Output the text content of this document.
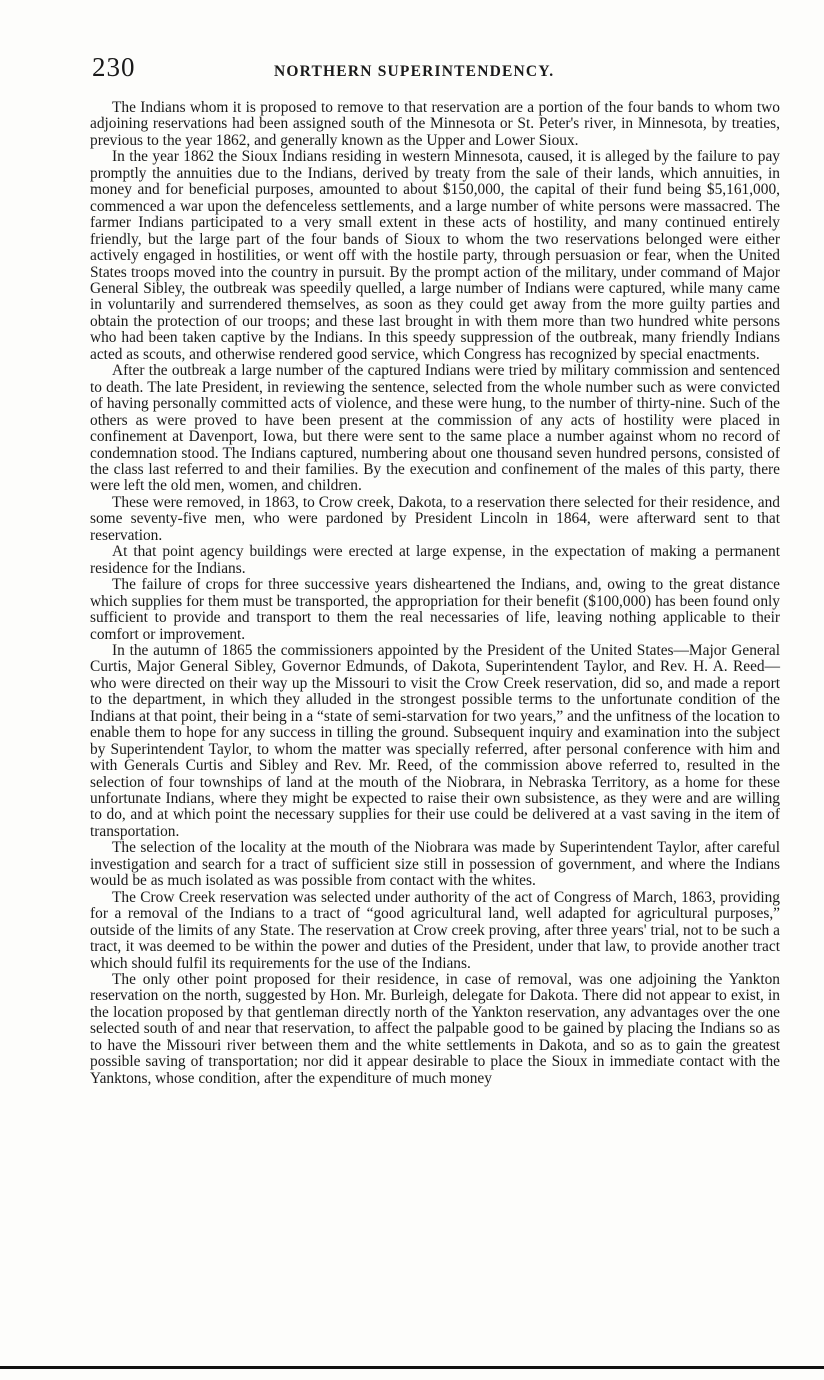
230	NORTHERN SUPERINTENDENCY.

The Indians whom it is proposed to remove to that reservation are a portion of the four bands to whom two adjoining reservations had been assigned south of the Minnesota or St. Peter's river, in Minnesota, by treaties, previous to the year 1862, and generally known as the Upper and Lower Sioux.

In the year 1862 the Sioux Indians residing in western Minnesota, caused, it is alleged by the failure to pay promptly the annuities due to the Indians, derived by treaty from the sale of their lands, which annuities, in money and for beneficial purposes, amounted to about $150,000, the capital of their fund being $5,161,000, commenced a war upon the defenceless settlements, and a large number of white persons were massacred. The farmer Indians participated to a very small extent in these acts of hostility, and many continued entirely friendly, but the large part of the four bands of Sioux to whom the two reservations belonged were either actively engaged in hostilities, or went off with the hostile party, through persuasion or fear, when the United States troops moved into the country in pursuit. By the prompt action of the military, under command of Major General Sibley, the outbreak was speedily quelled, a large number of Indians were captured, while many came in voluntarily and surrendered themselves, as soon as they could get away from the more guilty parties and obtain the protection of our troops; and these last brought in with them more than two hundred white persons who had been taken captive by the Indians. In this speedy suppression of the outbreak, many friendly Indians acted as scouts, and otherwise rendered good service, which Congress has recognized by special enactments.

After the outbreak a large number of the captured Indians were tried by military commission and sentenced to death. The late President, in reviewing the sentence, selected from the whole number such as were convicted of having personally committed acts of violence, and these were hung, to the number of thirty-nine. Such of the others as were proved to have been present at the commission of any acts of hostility were placed in confinement at Davenport, Iowa, but there were sent to the same place a number against whom no record of condemnation stood. The Indians captured, numbering about one thousand seven hundred persons, consisted of the class last referred to and their families. By the execution and confinement of the males of this party, there were left the old men, women, and children.

These were removed, in 1863, to Crow creek, Dakota, to a reservation there selected for their residence, and some seventy-five men, who were pardoned by President Lincoln in 1864, were afterward sent to that reservation.

At that point agency buildings were erected at large expense, in the expectation of making a permanent residence for the Indians.

The failure of crops for three successive years disheartened the Indians, and, owing to the great distance which supplies for them must be transported, the appropriation for their benefit ($100,000) has been found only sufficient to provide and transport to them the real necessaries of life, leaving nothing applicable to their comfort or improvement.

In the autumn of 1865 the commissioners appointed by the President of the United States—Major General Curtis, Major General Sibley, Governor Edmunds, of Dakota, Superintendent Taylor, and Rev. H. A. Reed—who were directed on their way up the Missouri to visit the Crow Creek reservation, did so, and made a report to the department, in which they alluded in the strongest possible terms to the unfortunate condition of the Indians at that point, their being in a “state of semi-starvation for two years,” and the unfitness of the location to enable them to hope for any success in tilling the ground. Subsequent inquiry and examination into the subject by Superintendent Taylor, to whom the matter was specially referred, after personal conference with him and with Generals Curtis and Sibley and Rev. Mr. Reed, of the commission above referred to, resulted in the selection of four townships of land at the mouth of the Niobrara, in Nebraska Territory, as a home for these unfortunate Indians, where they might be expected to raise their own subsistence, as they were and are willing to do, and at which point the necessary supplies for their use could be delivered at a vast saving in the item of transportation.

The selection of the locality at the mouth of the Niobrara was made by Superintendent Taylor, after careful investigation and search for a tract of sufficient size still in possession of government, and where the Indians would be as much isolated as was possible from contact with the whites.

The Crow Creek reservation was selected under authority of the act of Congress of March, 1863, providing for a removal of the Indians to a tract of “good agricultural land, well adapted for agricultural purposes,” outside of the limits of any State. The reservation at Crow creek proving, after three years' trial, not to be such a tract, it was deemed to be within the power and duties of the President, under that law, to provide another tract which should fulfil its requirements for the use of the Indians.

The only other point proposed for their residence, in case of removal, was one adjoining the Yankton reservation on the north, suggested by Hon. Mr. Burleigh, delegate for Dakota. There did not appear to exist, in the location proposed by that gentleman directly north of the Yankton reservation, any advantages over the one selected south of and near that reservation, to affect the palpable good to be gained by placing the Indians so as to have the Missouri river between them and the white settlements in Dakota, and so as to gain the greatest possible saving of transportation; nor did it appear desirable to place the Sioux in immediate contact with the Yanktons, whose condition, after the expenditure of much money
